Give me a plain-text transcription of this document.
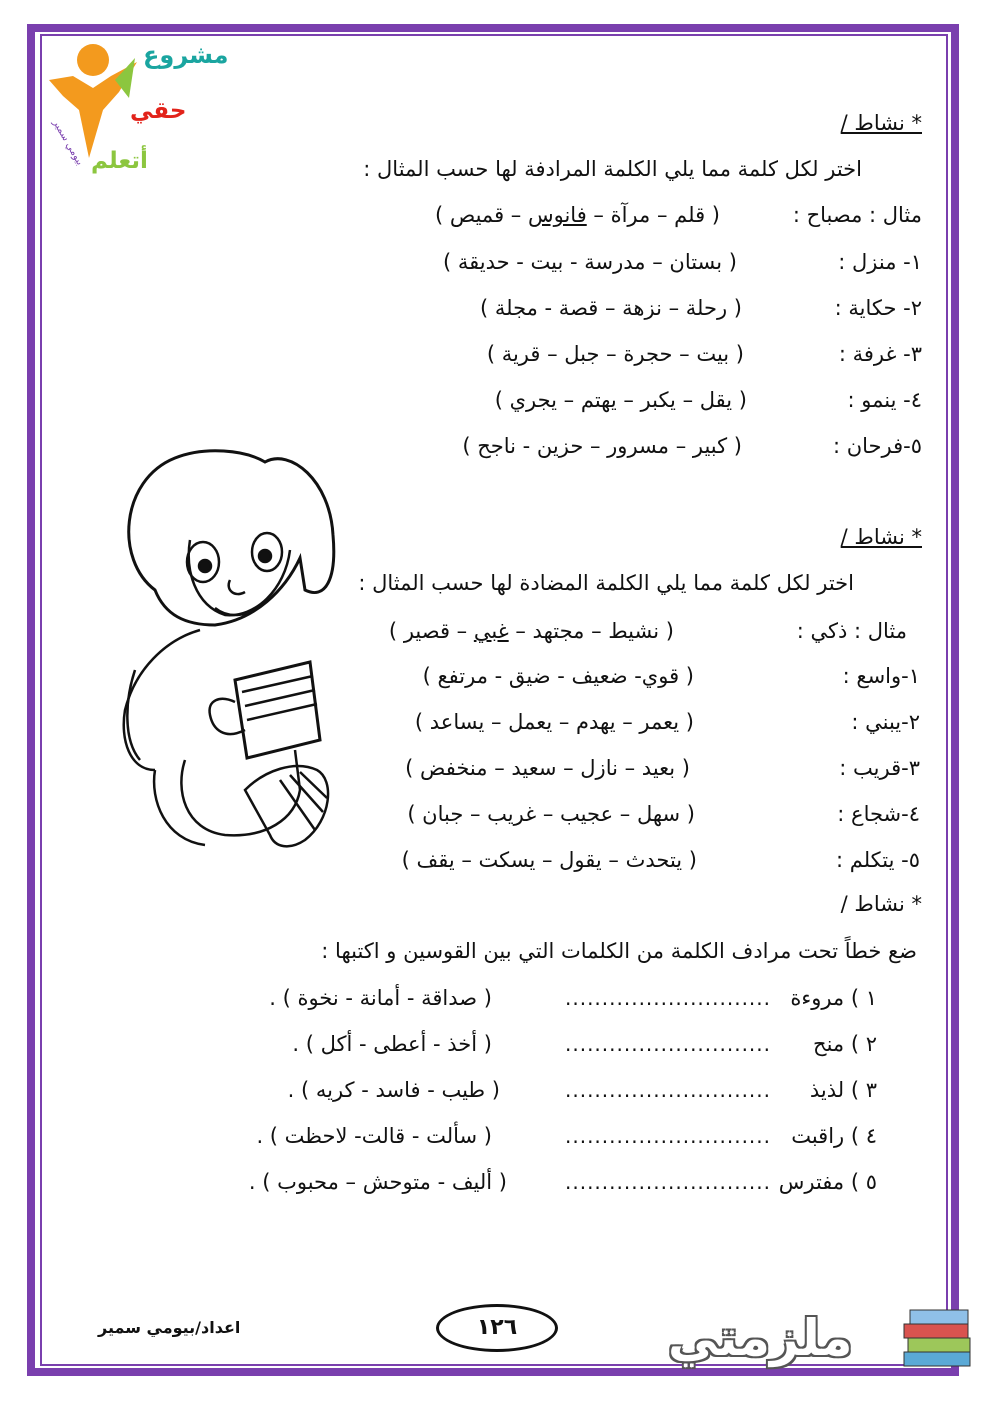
بيومي سمير
مشروع
حقي
أتعلم
* نشاط /
اختر لكل كلمة مما يلي الكلمة المرادفة لها حسب المثال :
مثال : مصباح :
( قلم – مرآة – فانوس – قميص )
١- منزل :
( بستان – مدرسة - بيت - حديقة )
٢- حكاية :
( رحلة – نزهة – قصة - مجلة )
٣- غرفة :
( بيت – حجرة – جبل – قرية )
٤- ينمو :
( يقل – يكبر – يهتم – يجري )
٥-فرحان :
( كبير – مسرور – حزين - ناجح )
* نشاط /
اختر لكل كلمة مما يلي الكلمة المضادة لها حسب المثال :
مثال : ذكي :
( نشيط – مجتهد – غبي – قصير )
١-واسع :
( قوي- ضعيف - ضيق - مرتفع )
٢-يبني :
( يعمر – يهدم – يعمل – يساعد )
٣-قريب :
( بعيد – نازل – سعيد – منخفض )
٤-شجاع :
( سهل – عجيب – غريب – جبان )
٥- يتكلم :
( يتحدث – يقول – يسكت – يقف )
* نشاط /
ضع خطاً تحت مرادف الكلمة من الكلمات التي بين القوسين و اكتبها :
١ ) مروءة
............................
( صداقة - أمانة - نخوة ) .
٢ ) منح
............................
( أخذ - أعطى - أكل ) .
٣ ) لذيذ
............................
( طيب - فاسد - كريه ) .
٤ ) راقبت
............................
( سألت - قالت- لاحظت ) .
٥ ) مفترس
............................
( أليف - متوحش – محبوب ) .
اعداد/بيومي سمير	١٢٦	ملزمتي
